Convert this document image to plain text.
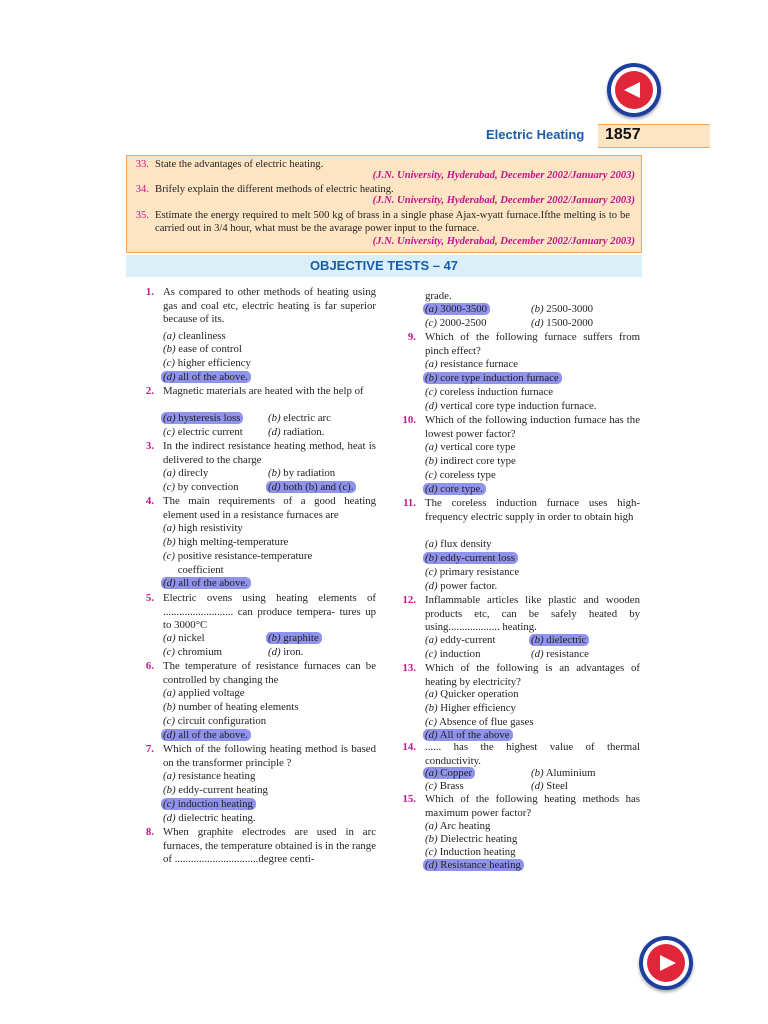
Electric Heating 1857
33. State the advantages of electric heating.
(J.N. University, Hyderabad, December 2002/January 2003)
34. Brifely explain the different methods of electric heating.
(J.N. University, Hyderabad, December 2002/January 2003)
35. Estimate the energy required to melt 500 kg of brass in a single phase Ajax-wyatt furnace.Ifthe melting is to be carried out in 3/4 hour, what must be the avarage power input to the furnace.
(J.N. University, Hyderabad, December 2002/January 2003)
OBJECTIVE TESTS – 47
1. As compared to other methods of heating using gas and coal etc, electric heating is far superior because of its.
(a) cleanliness
(b) ease of control
(c) higher efficiency
(d) all of the above.
2. Magnetic materials are heated with the help of
(a) hysteresis loss	(b) electric arc
(c) electric current (d) radiation.
3. In the indirect resistance heating method, heat is delivered to the charge
(a) direcly	(b) by radiation
(c) by convection	(d) both (b) and (c).
4. The main requirements of a good heating element used in a resistance furnaces are
(a) high resistivity
(b) high melting-temperature
(c) positive resistance-temperature coefficient
(d) all of the above.
5. Electric ovens using heating elements of .......................... can produce tempera- tures up to 3000°C
(a) nickel	(b) graphite
(c) chromium	(d) iron.
6. The temperature of resistance furnaces can be controlled by changing the
(a) applied voltage
(b) number of heating elements
(c) circuit configuration
(d) all of the above.
7. Which of the following heating method is based on the transformer principle ?
(a) resistance heating
(b) eddy-current heating
(c) induction heating
(d) dielectric heating.
8. When graphite electrodes are used in arc furnaces, the temperature obtained is in the range of ...............................degree centi-
grade.
(a) 3000-3500	(b) 2500-3000
(c) 2000-2500	(d) 1500-2000
9. Which of the following furnace suffers from pinch effect?
(a) resistance furnace
(b) core type induction furnace
(c) coreless induction furnace
(d) vertical core type induction furnace.
10. Which of the following induction furnace has the lowest power factor?
(a) vertical core type
(b) indirect core type
(c) coreless type
(d) core type.
11. The coreless induction furnace uses high-frequency electric supply in order to obtain high
(a) flux density
(b) eddy-current loss
(c) primary resistance
(d) power factor.
12. Inflammable articles like plastic and wooden products etc, can be safely heated by using................... heating.
(a) eddy-current	(b) dielectric
(c) induction	(d) resistance
13. Which of the following is an advantages of heating by electricity?
(a) Quicker operation
(b) Higher efficiency
(c) Absence of flue gases
(d) All of the above
14. ...... has the highest value of thermal conductivity.
(a) Copper	(b) Aluminium
(c) Brass	(d) Steel
15. Which of the following heating methods has maximum power factor?
(a) Arc heating
(b) Dielectric heating
(c) Induction heating
(d) Resistance heating
